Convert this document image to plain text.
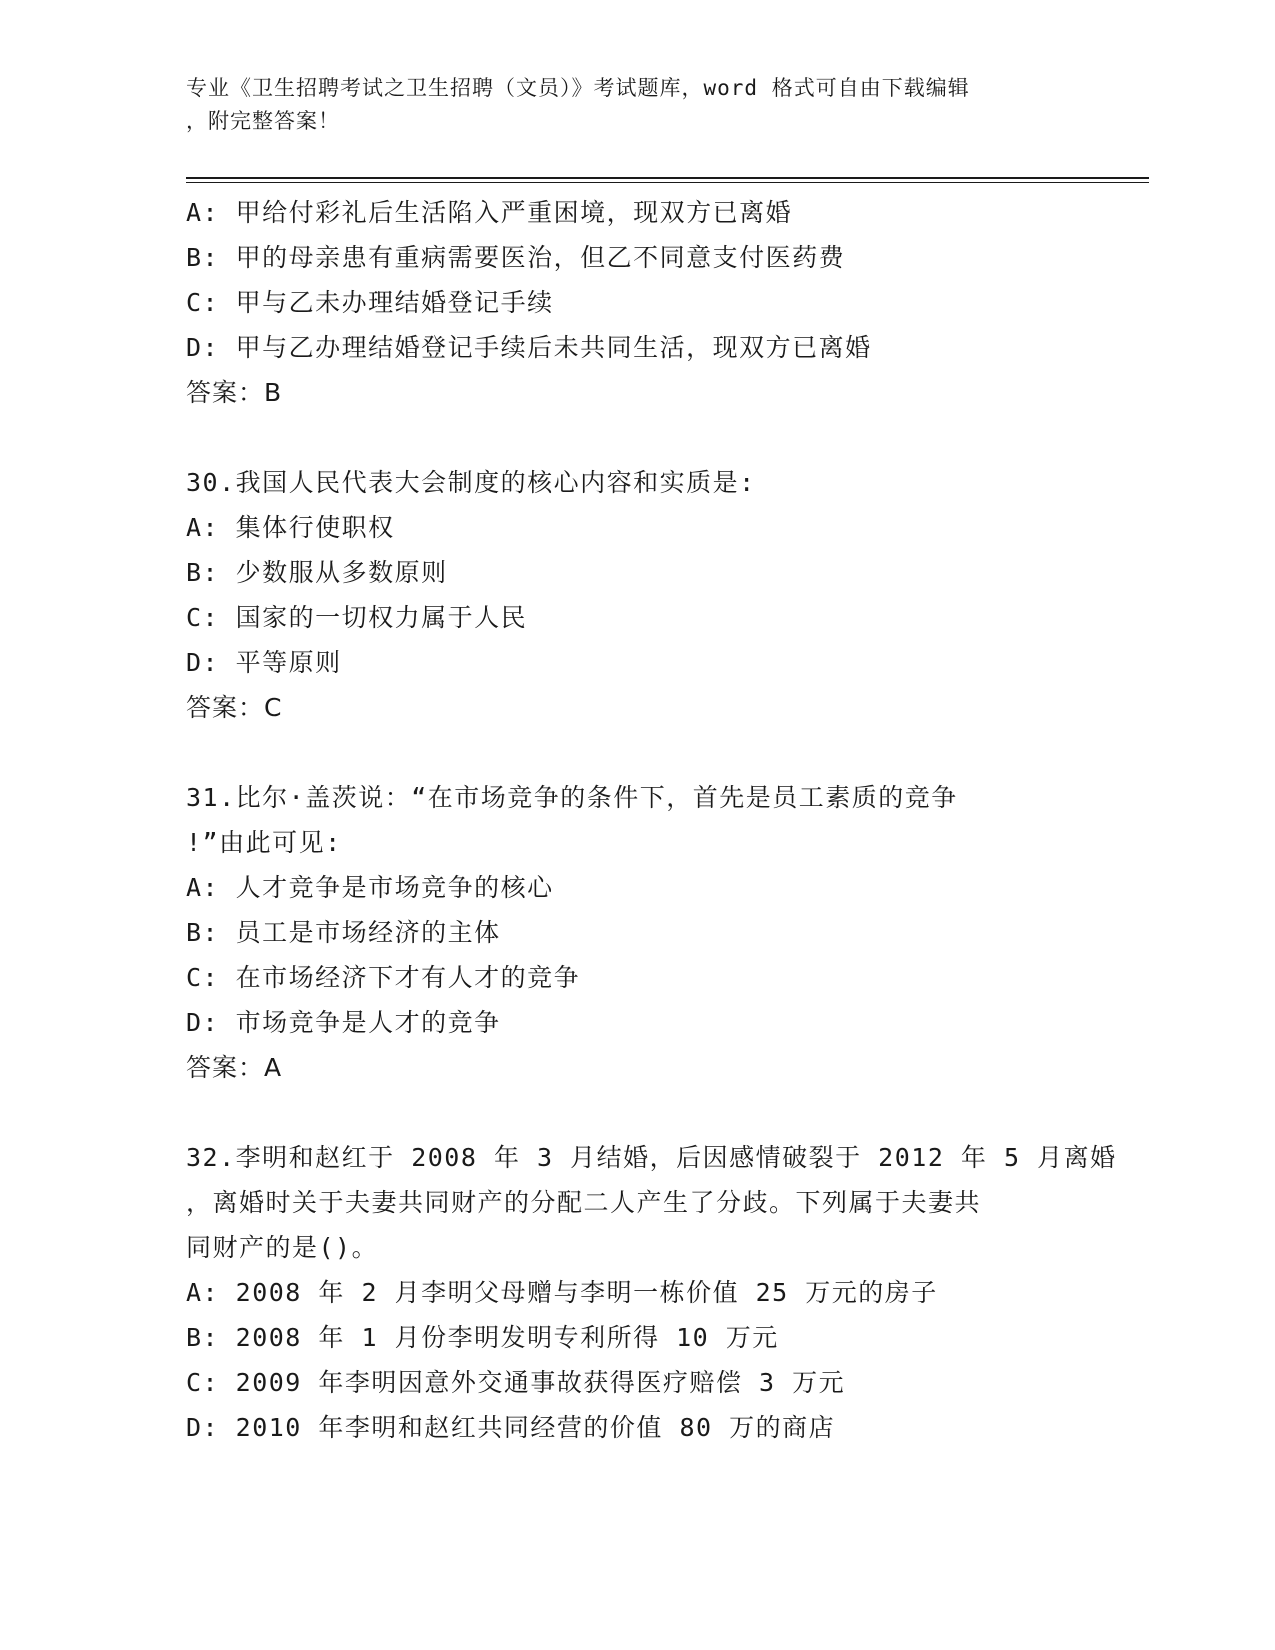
专业《卫生招聘考试之卫生招聘（文员）》考试题库，word 格式可自由下载编辑
，附完整答案！
A: 甲给付彩礼后生活陷入严重困境，现双方已离婚
B: 甲的母亲患有重病需要医治，但乙不同意支付医药费
C: 甲与乙未办理结婚登记手续
D: 甲与乙办理结婚登记手续后未共同生活，现双方已离婚
答案：B
30.我国人民代表大会制度的核心内容和实质是:
A: 集体行使职权
B: 少数服从多数原则
C: 国家的一切权力属于人民
D: 平等原则
答案：C
31.比尔·盖茨说：“在市场竞争的条件下，首先是员工素质的竞争
!”由此可见:
A: 人才竞争是市场竞争的核心
B: 员工是市场经济的主体
C: 在市场经济下才有人才的竞争
D: 市场竞争是人才的竞争
答案：A
32.李明和赵红于 2008 年 3 月结婚，后因感情破裂于 2012 年 5 月离婚
，离婚时关于夫妻共同财产的分配二人产生了分歧。下列属于夫妻共
同财产的是()。
A: 2008 年 2 月李明父母赠与李明一栋价值 25 万元的房子
B: 2008 年 1 月份李明发明专利所得 10 万元
C: 2009 年李明因意外交通事故获得医疗赔偿 3 万元
D: 2010 年李明和赵红共同经营的价值 80 万的商店
